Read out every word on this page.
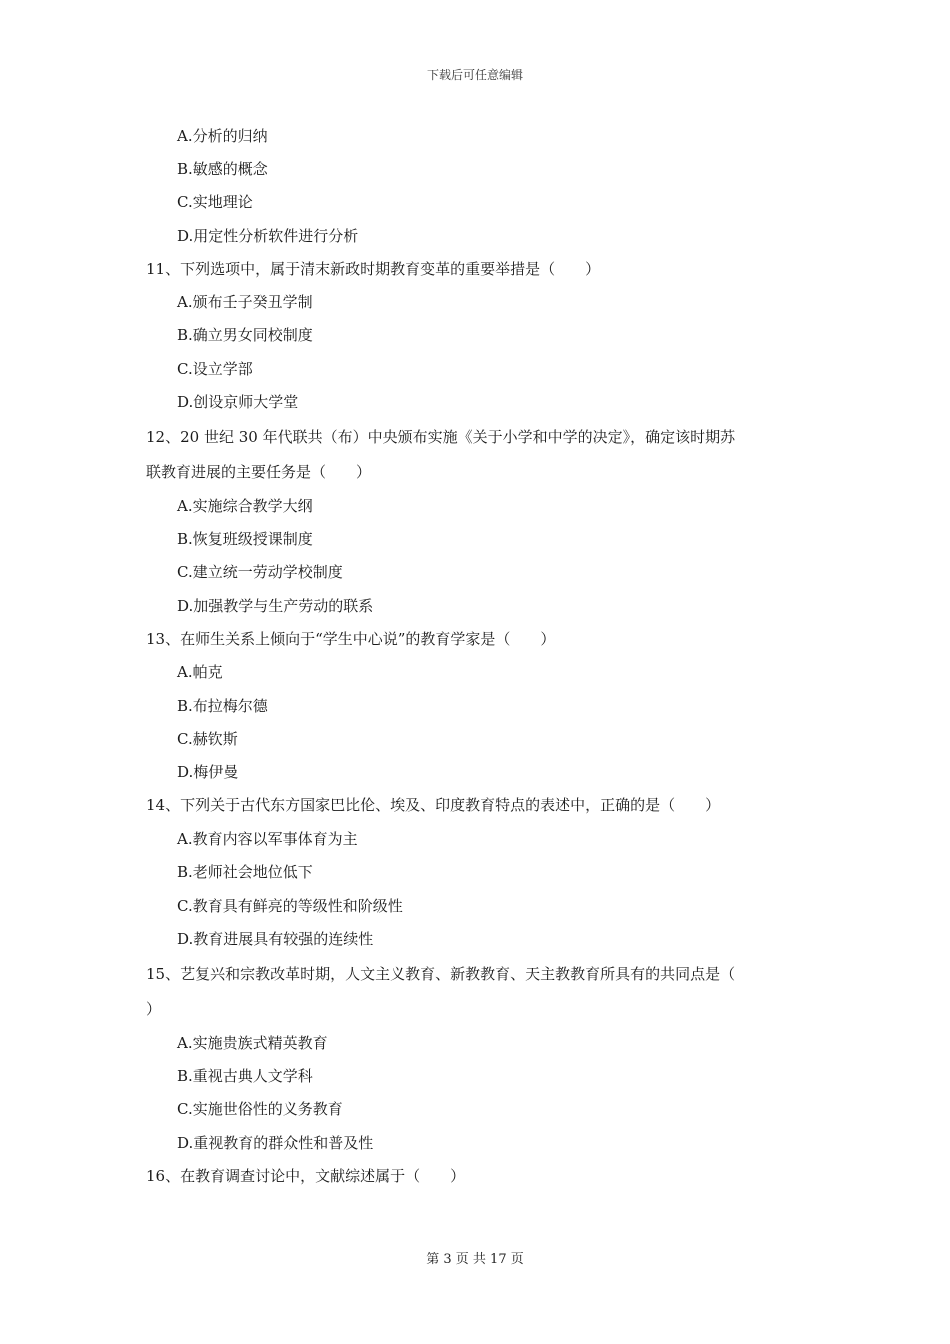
下载后可任意编辑
A.分析的归纳
B.敏感的概念
C.实地理论
D.用定性分析软件进行分析
11、下列选项中，属于清末新政时期教育变革的重要举措是（　　）
A.颁布壬子癸丑学制
B.确立男女同校制度
C.设立学部
D.创设京师大学堂
12、20 世纪 30 年代联共（布）中央颁布实施《关于小学和中学的决定》，确定该时期苏
联教育进展的主要任务是（　　）
A.实施综合教学大纲
B.恢复班级授课制度
C.建立统一劳动学校制度
D.加强教学与生产劳动的联系
13、在师生关系上倾向于“学生中心说”的教育学家是（　　）
A.帕克
B.布拉梅尔德
C.赫钦斯
D.梅伊曼
14、下列关于古代东方国家巴比伦、埃及、印度教育特点的表述中，正确的是（　　）
A.教育内容以军事体育为主
B.老师社会地位低下
C.教育具有鲜亮的等级性和阶级性
D.教育进展具有较强的连续性
15、艺复兴和宗教改革时期，人文主义教育、新教教育、天主教教育所具有的共同点是（
）
A.实施贵族式精英教育
B.重视古典人文学科
C.实施世俗性的义务教育
D.重视教育的群众性和普及性
16、在教育调查讨论中，文献综述属于（　　）
第 3 页 共 17 页
